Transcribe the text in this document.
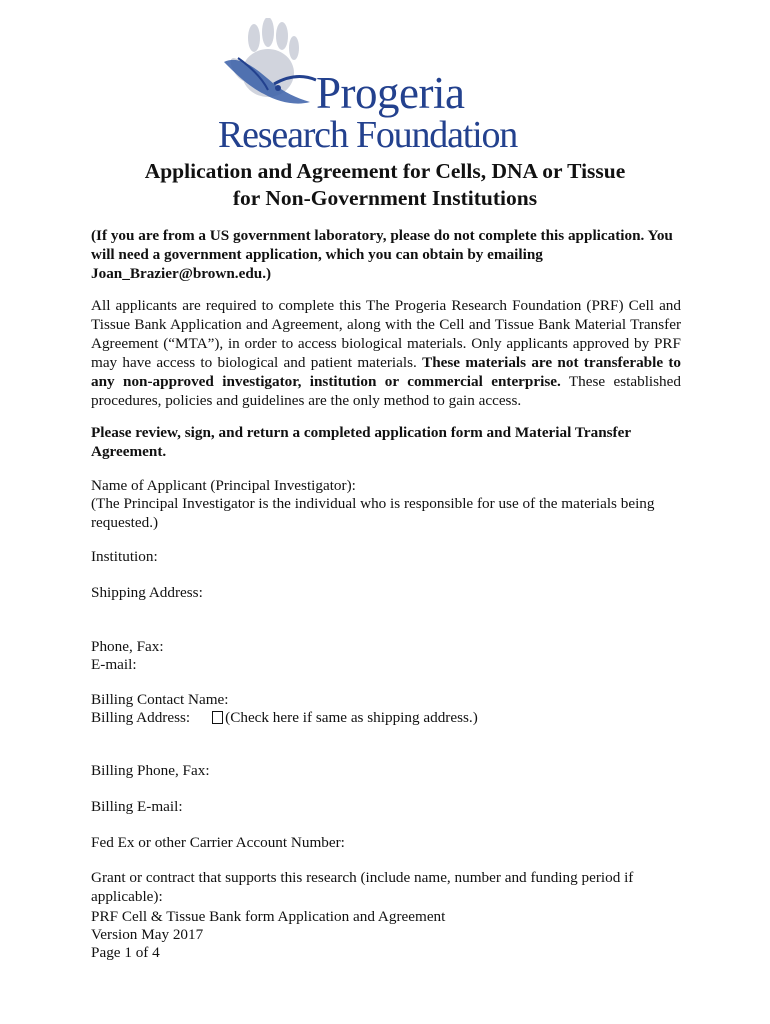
Progeria
Research Foundation
Application and Agreement for Cells, DNA or Tissue
for Non-Government Institutions
(If you are from a US government laboratory, please do not complete this application. You will need a government application, which you can obtain by emailing Joan_Brazier@brown.edu.)
All applicants are required to complete this The Progeria Research Foundation (PRF) Cell and Tissue Bank Application and Agreement, along with the Cell and Tissue Bank Material Transfer Agreement (“MTA”), in order to access biological materials. Only applicants approved by PRF may have access to biological and patient materials. These materials are not transferable to any non-approved investigator, institution or commercial enterprise. These established procedures, policies and guidelines are the only method to gain access.
Please review, sign, and return a completed application form and Material Transfer Agreement.
Name of Applicant (Principal Investigator):
(The Principal Investigator is the individual who is responsible for use of the materials being requested.)
Institution:
Shipping Address:
Phone, Fax:
E-mail:
Billing Contact Name:
Billing Address: (Check here if same as shipping address.)
Billing Phone, Fax:
Billing E-mail:
Fed Ex or other Carrier Account Number:
Grant or contract that supports this research (include name, number and funding period if applicable):
PRF Cell & Tissue Bank form Application and Agreement
Version May 2017
Page 1 of 4
